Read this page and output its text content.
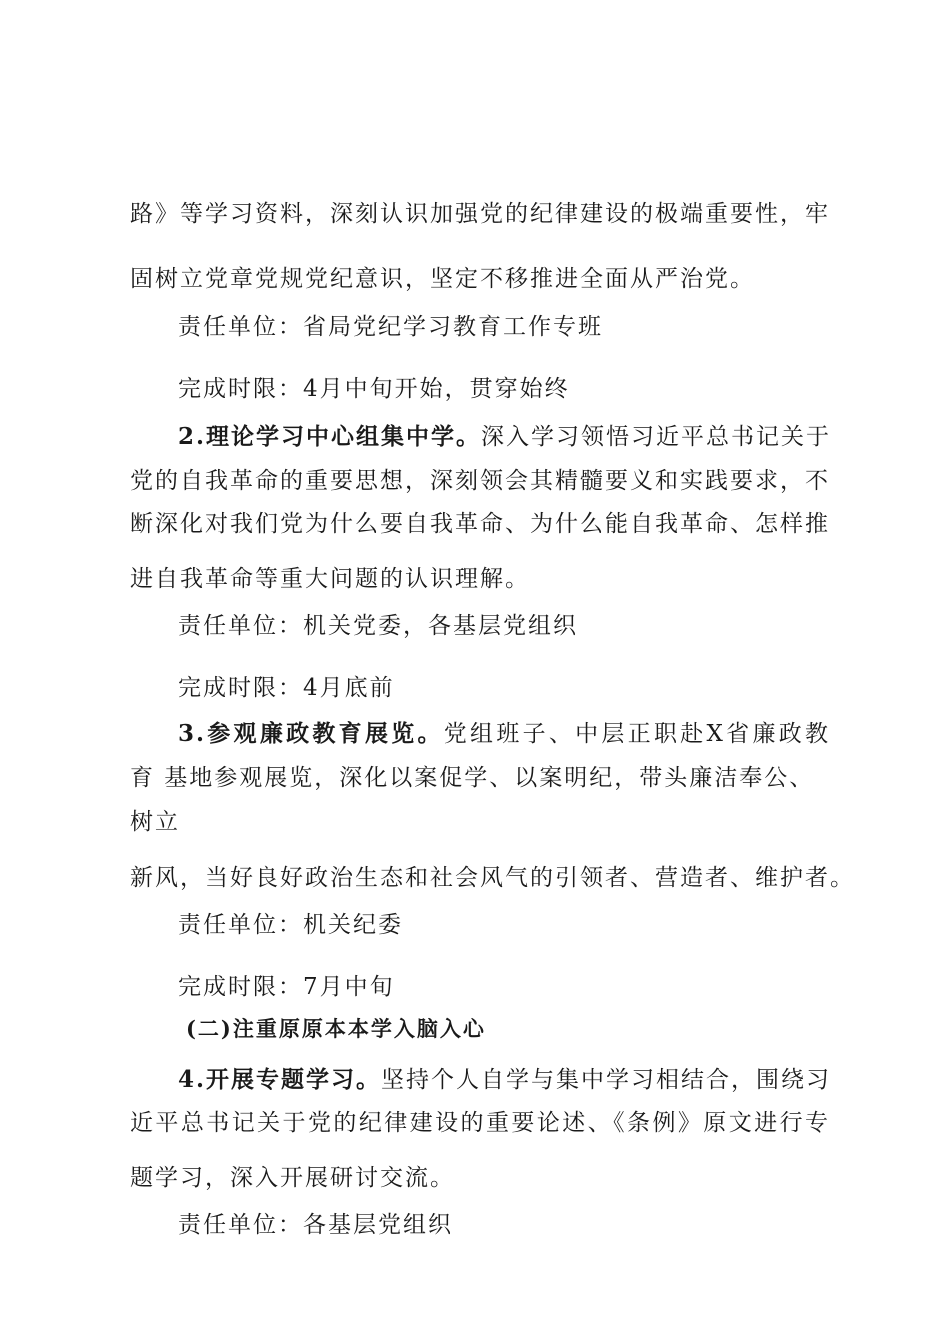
路》等学习资料，深刻认识加强党的纪律建设的极端重要性，牢
固树立党章党规党纪意识，坚定不移推进全面从严治党。
责任单位：省局党纪学习教育工作专班
完成时限：4月中旬开始，贯穿始终
2.理论学习中心组集中学。深入学习领悟习近平总书记关于
党的自我革命的重要思想，深刻领会其精髓要义和实践要求，不
断深化对我们党为什么要自我革命、为什么能自我革命、怎样推
进自我革命等重大问题的认识理解。
责任单位：机关党委，各基层党组织
完成时限：4月底前
3.参观廉政教育展览。党组班子、中层正职赴X省廉政教
育 基地参观展览，深化以案促学、以案明纪，带头廉洁奉公、
树立
新风，当好良好政治生态和社会风气的引领者、营造者、维护者。
责任单位：机关纪委
完成时限：7月中旬
(二)注重原原本本学入脑入心
4.开展专题学习。坚持个人自学与集中学习相结合，围绕习
近平总书记关于党的纪律建设的重要论述、《条例》原文进行专
题学习，深入开展研讨交流。
责任单位：各基层党组织
